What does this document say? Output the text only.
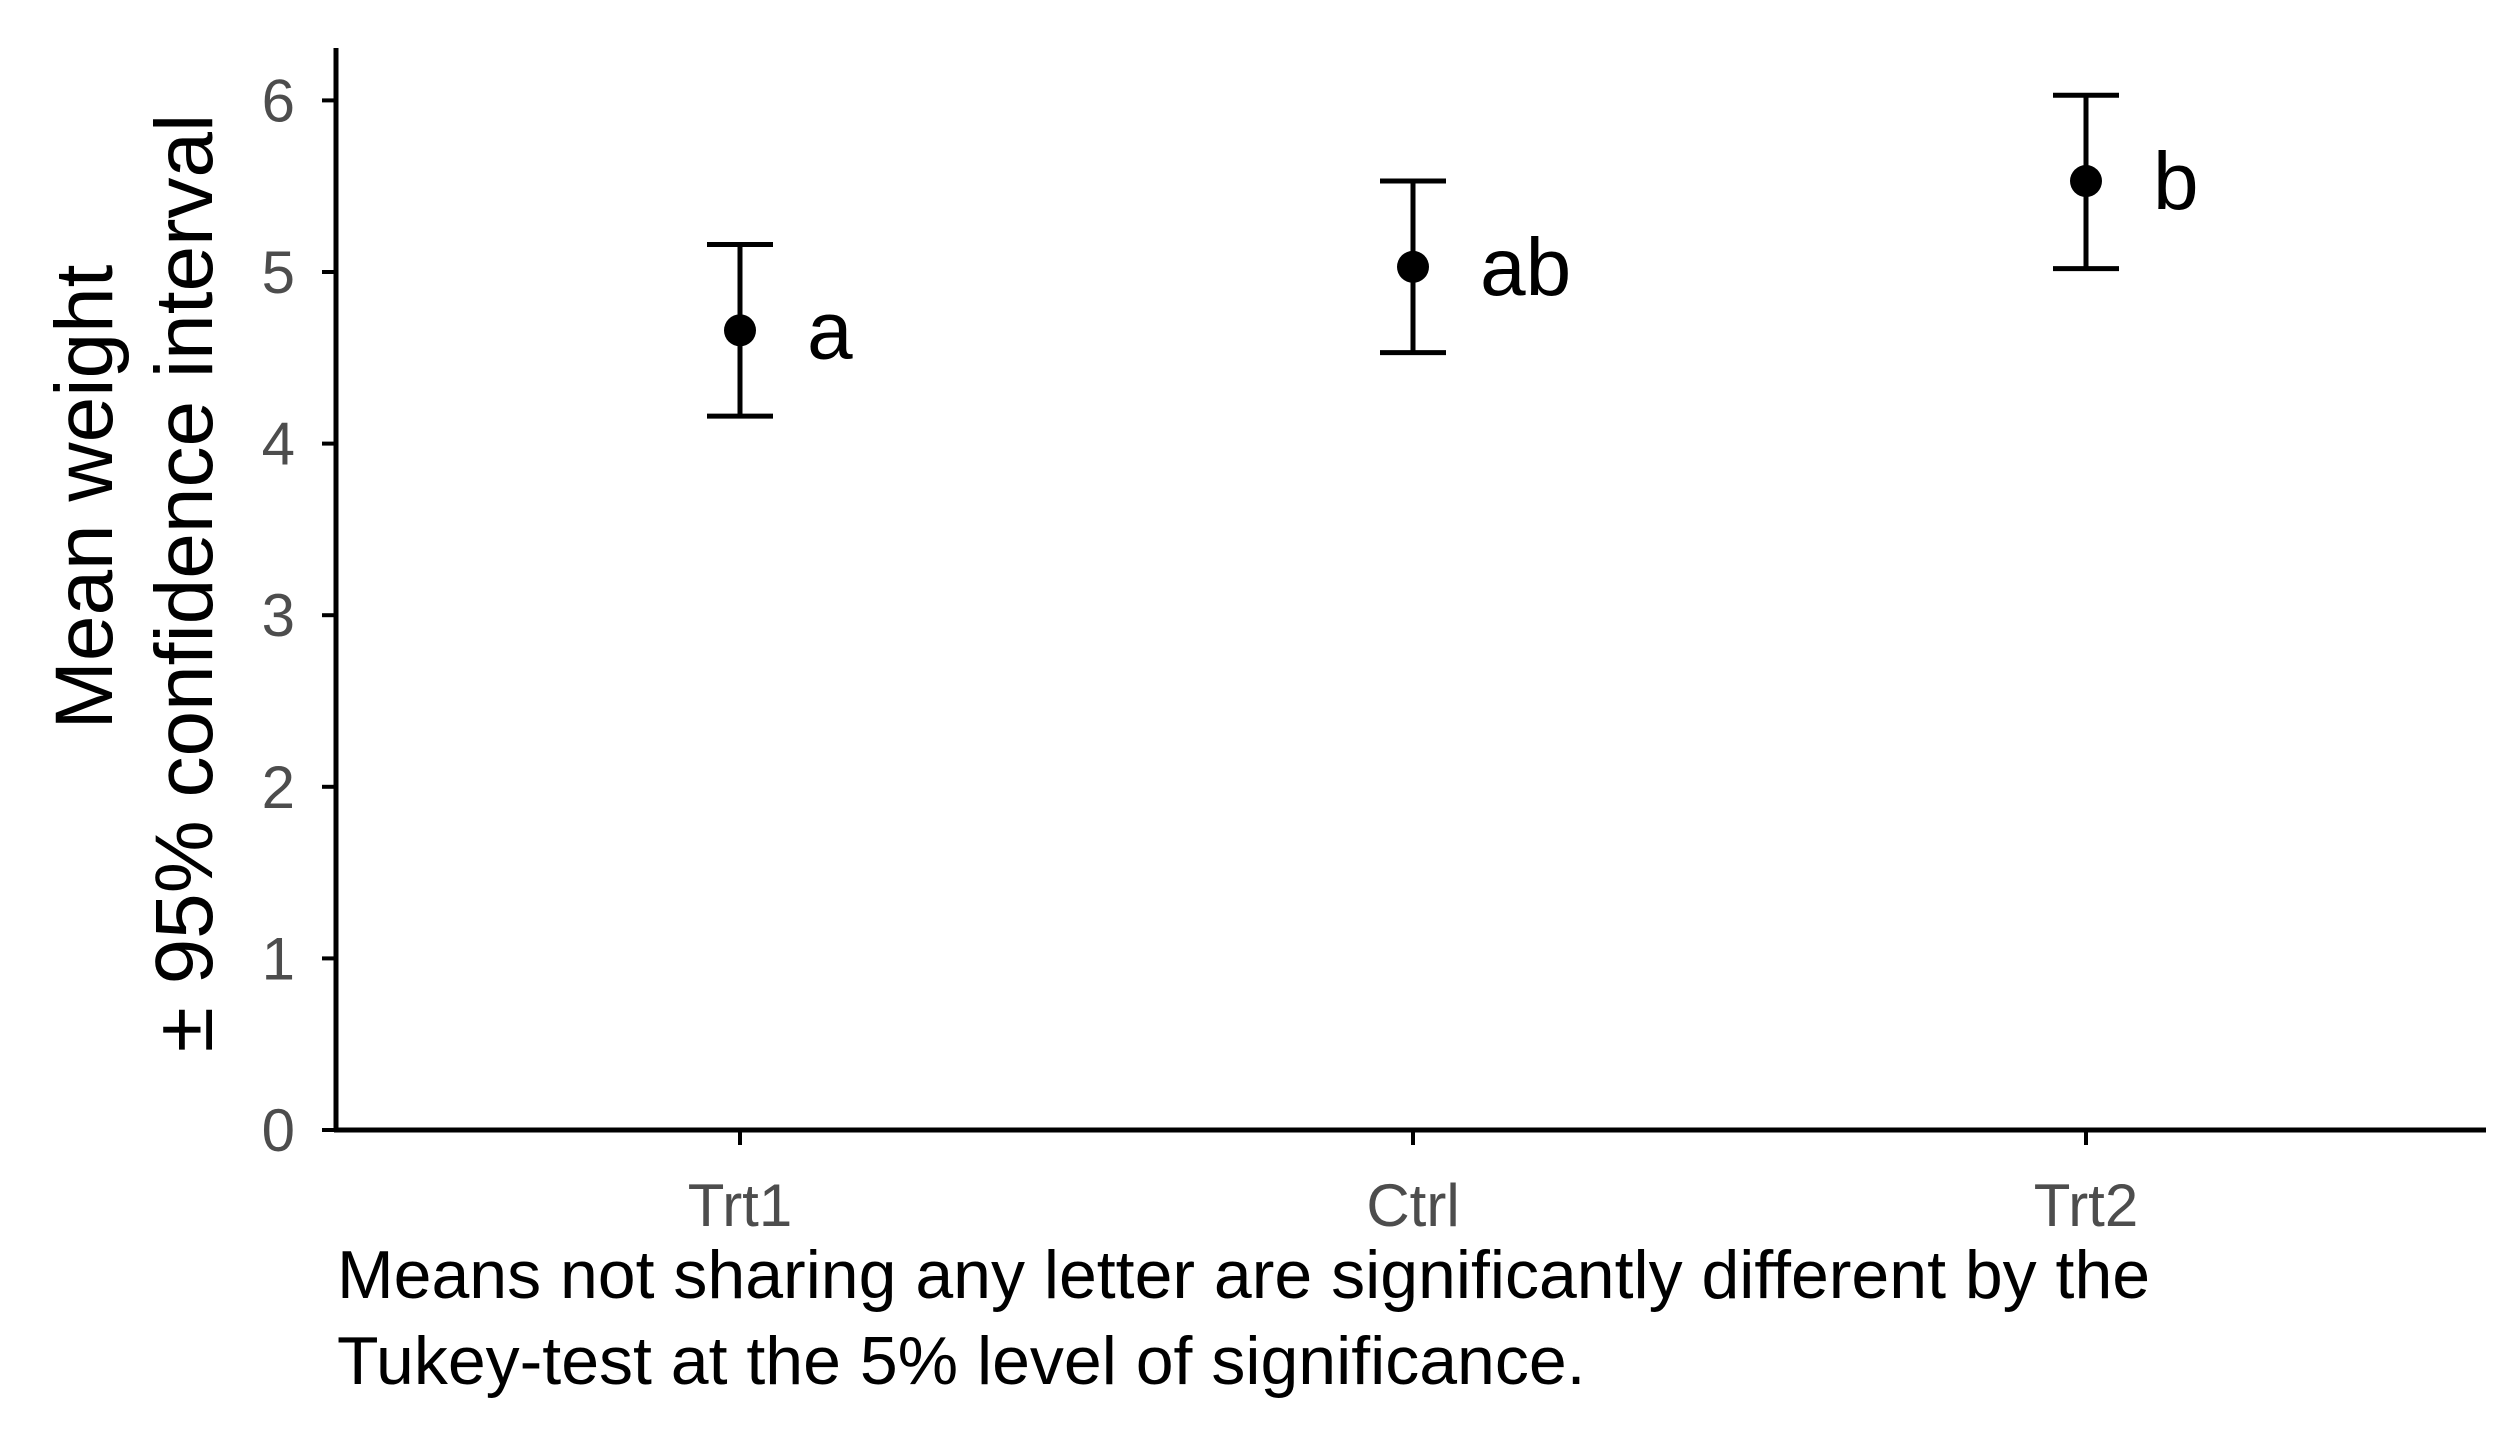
0
1
2
3
4
5
6
Trt1	Ctrl	Trt2
a
ab
b
Mean weight ± 95% confidence interval
Means not sharing any letter are significantly different by the
Tukey-test at the 5% level of significance.
